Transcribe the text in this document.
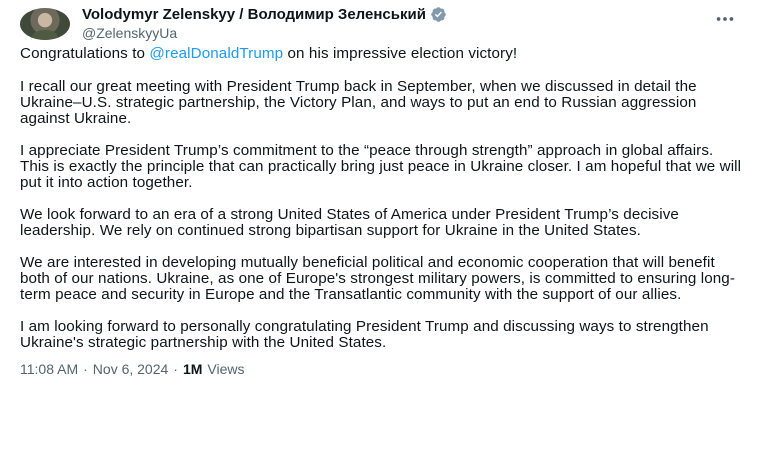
Volodymyr Zelenskyy / Володимир Зеленський
@ZelenskyyUa

Congratulations to @realDonaldTrump on his impressive election victory!

I recall our great meeting with President Trump back in September, when we discussed in detail the Ukraine–U.S. strategic partnership, the Victory Plan, and ways to put an end to Russian aggression against Ukraine.

I appreciate President Trump’s commitment to the “peace through strength” approach in global affairs. This is exactly the principle that can practically bring just peace in Ukraine closer. I am hopeful that we will put it into action together.

We look forward to an era of a strong United States of America under President Trump’s decisive leadership. We rely on continued strong bipartisan support for Ukraine in the United States.

We are interested in developing mutually beneficial political and economic cooperation that will benefit both of our nations. Ukraine, as one of Europe's strongest military powers, is committed to ensuring long-term peace and security in Europe and the Transatlantic community with the support of our allies.

I am looking forward to personally congratulating President Trump and discussing ways to strengthen Ukraine's strategic partnership with the United States.

11:08 AM · Nov 6, 2024 · 1M Views
